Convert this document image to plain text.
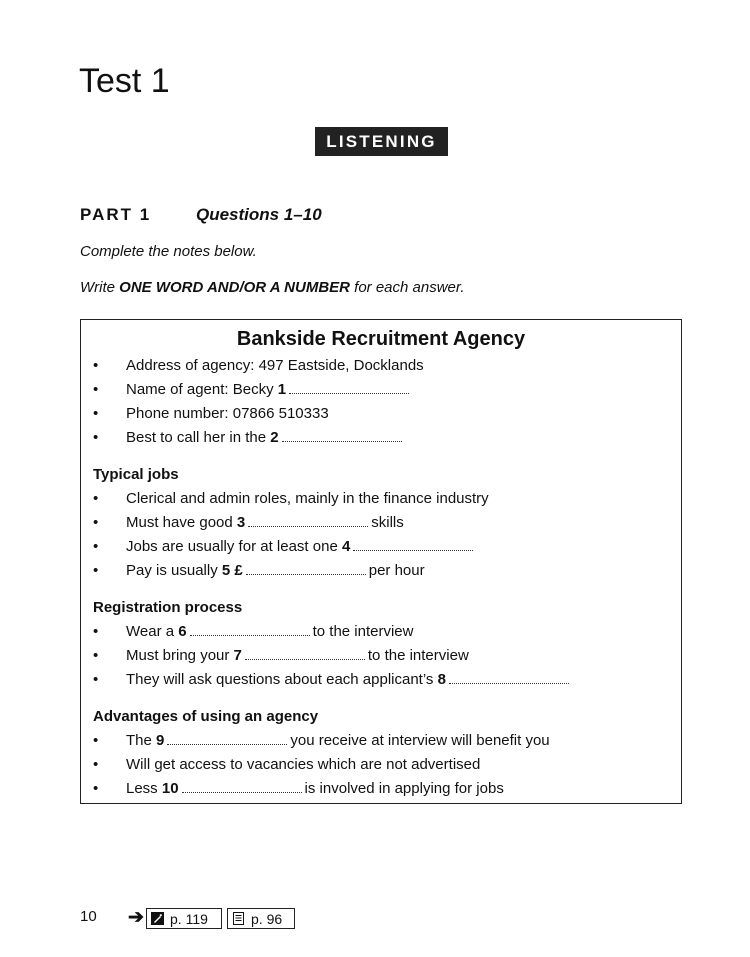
Test 1
LISTENING
PART 1	Questions 1–10
Complete the notes below.
Write ONE WORD AND/OR A NUMBER for each answer.
Bankside Recruitment Agency
• Address of agency: 497 Eastside, Docklands
• Name of agent: Becky 1
• Phone number: 07866 510333
• Best to call her in the 2
Typical jobs
• Clerical and admin roles, mainly in the finance industry
• Must have good 3	skills
• Jobs are usually for at least one 4
• Pay is usually 5 £	per hour
Registration process
• Wear a 6	to the interview
• Must bring your 7	to the interview
• They will ask questions about each applicant’s 8
Advantages of using an agency
• The 9	you receive at interview will benefit you
• Will get access to vacancies which are not advertised
• Less 10	is involved in applying for jobs
10 ➔ p. 119	p. 96
